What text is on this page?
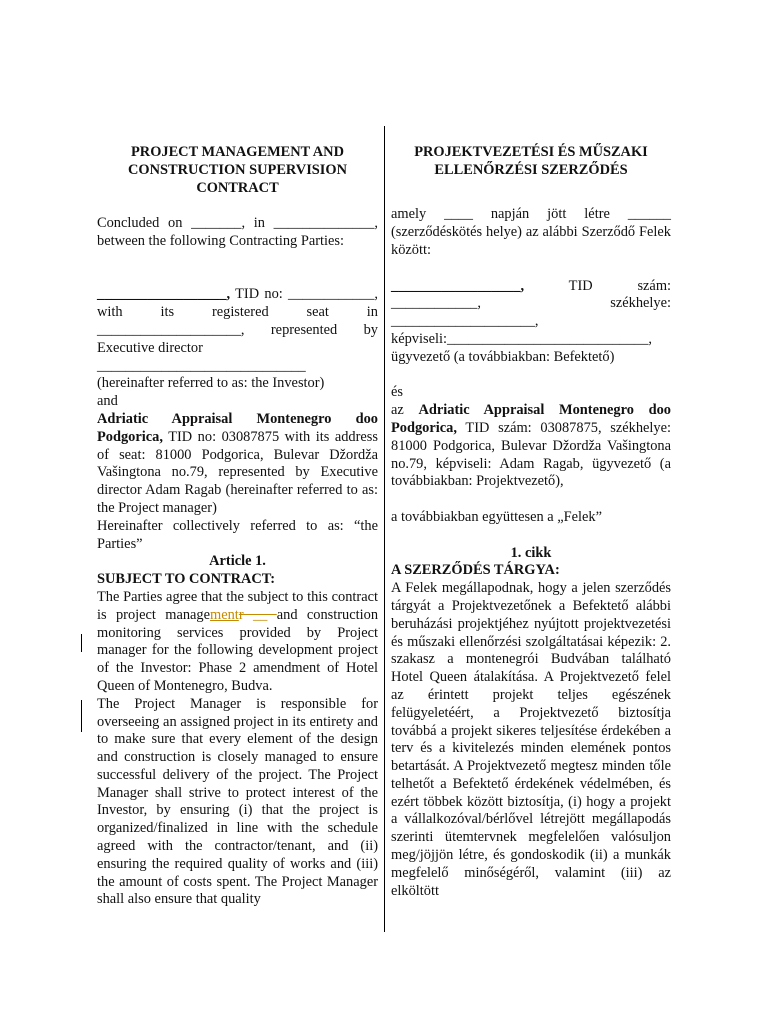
PROJECT MANAGEMENT AND CONSTRUCTION SUPERVISION CONTRACT

Concluded on _______, in ______________, between the following Contracting Parties:

__________________, TID no: ____________, with its registered seat in ____________________, represented by Executive director

_____________________________

(hereinafter referred to as: the Investor)

and

Adriatic Appraisal Montenegro doo Podgorica, TID no: 03087875 with its address of seat: 81000 Podgorica, Bulevar Džordža Vašingtona no.79, represented by Executive director Adam Ragab (hereinafter referred to as: the Project manager)

Hereinafter collectively referred to as: “the Parties”

Article 1.

SUBJECT TO CONTRACT:

The Parties agree that the subject to this contract is project managementr __ and construction monitoring services provided by Project manager for the following development project of the Investor: Phase 2 amendment of Hotel Queen of Montenegro, Budva.

The Project Manager is responsible for overseeing an assigned project in its entirety and to make sure that every element of the design and construction is closely managed to ensure successful delivery of the project. The Project Manager shall strive to protect interest of the Investor, by ensuring (i) that the project is organized/finalized in line with the schedule agreed with the contractor/tenant, and (ii) ensuring the required quality of works and (iii) the amount of costs spent. The Project Manager shall also ensure that quality

PROJEKTVEZETÉSI ÉS MŰSZAKI ELLENŐRZÉSI SZERZŐDÉS

amely ____ napján jött létre ______ (szerződéskötés helye) az alábbi Szerződő Felek között:

__________________,	TID szám: ____________, székhelye: ____________________,

képviseli:____________________________,

ügyvezető (a továbbiakban: Befektető)

és

az Adriatic Appraisal Montenegro doo Podgorica, TID szám: 03087875, székhelye: 81000 Podgorica, Bulevar Džordža Vašingtona no.79, képviseli: Adam Ragab, ügyvezető (a továbbiakban: Projektvezető),

a továbbiakban együttesen a „Felek”

1. cikk

A SZERZŐDÉS TÁRGYA:

A Felek megállapodnak, hogy a jelen szerződés tárgyát a Projektvezetőnek a Befektető alábbi beruházási projektjéhez nyújtott projektvezetési és műszaki ellenőrzési szolgáltatásai képezik: 2. szakasz a montenegrói Budvában található Hotel Queen átalakítása. A Projektvezető felel az érintett projekt teljes egészének felügyeletéért, a Projektvezető biztosítja továbbá a projekt sikeres teljesítése érdekében a terv és a kivitelezés minden elemének pontos betartását. A Projektvezető megtesz minden tőle telhetőt a Befektető érdekének védelmében, és ezért többek között biztosítja, (i) hogy a projekt a vállalkozóval/bérlővel létrejött megállapodás szerinti ütemtervnek megfelelően valósuljon meg/jöjjön létre, és gondoskodik (ii) a munkák megfelelő minőségéről, valamint (iii) az elköltött
